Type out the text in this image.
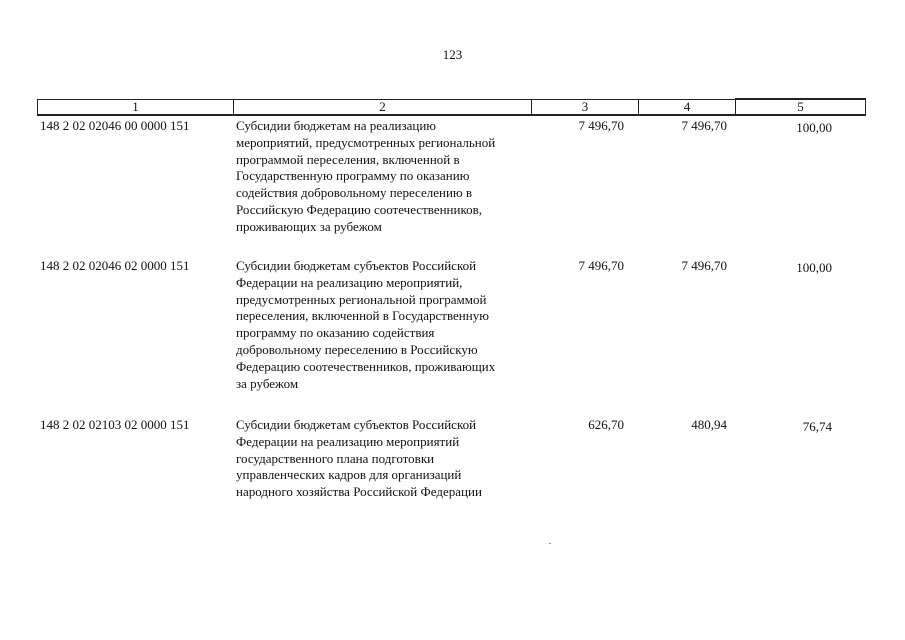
123
1	2	3	4	5
148 2 02 02046 00 0000 151	Субсидии бюджетам на реализацию
мероприятий, предусмотренных региональной
программой переселения, включенной в
Государственную программу по оказанию
содействия добровольному переселению в
Российскую Федерацию соотечественников,
проживающих за рубежом
7 496,70	7 496,70	100,00
148 2 02 02046 02 0000 151	Субсидии бюджетам субъектов Российской
Федерации на реализацию мероприятий,
предусмотренных региональной программой
переселения, включенной в Государственную
программу по оказанию содействия
добровольному переселению в Российскую
Федерацию соотечественников, проживающих
за рубежом
7 496,70	7 496,70	100,00
148 2 02 02103 02 0000 151	Субсидии бюджетам субъектов Российской
Федерации на реализацию мероприятий
государственного плана подготовки
управленческих кадров для организаций
народного хозяйства Российской Федерации
626,70	480,94	76,74
